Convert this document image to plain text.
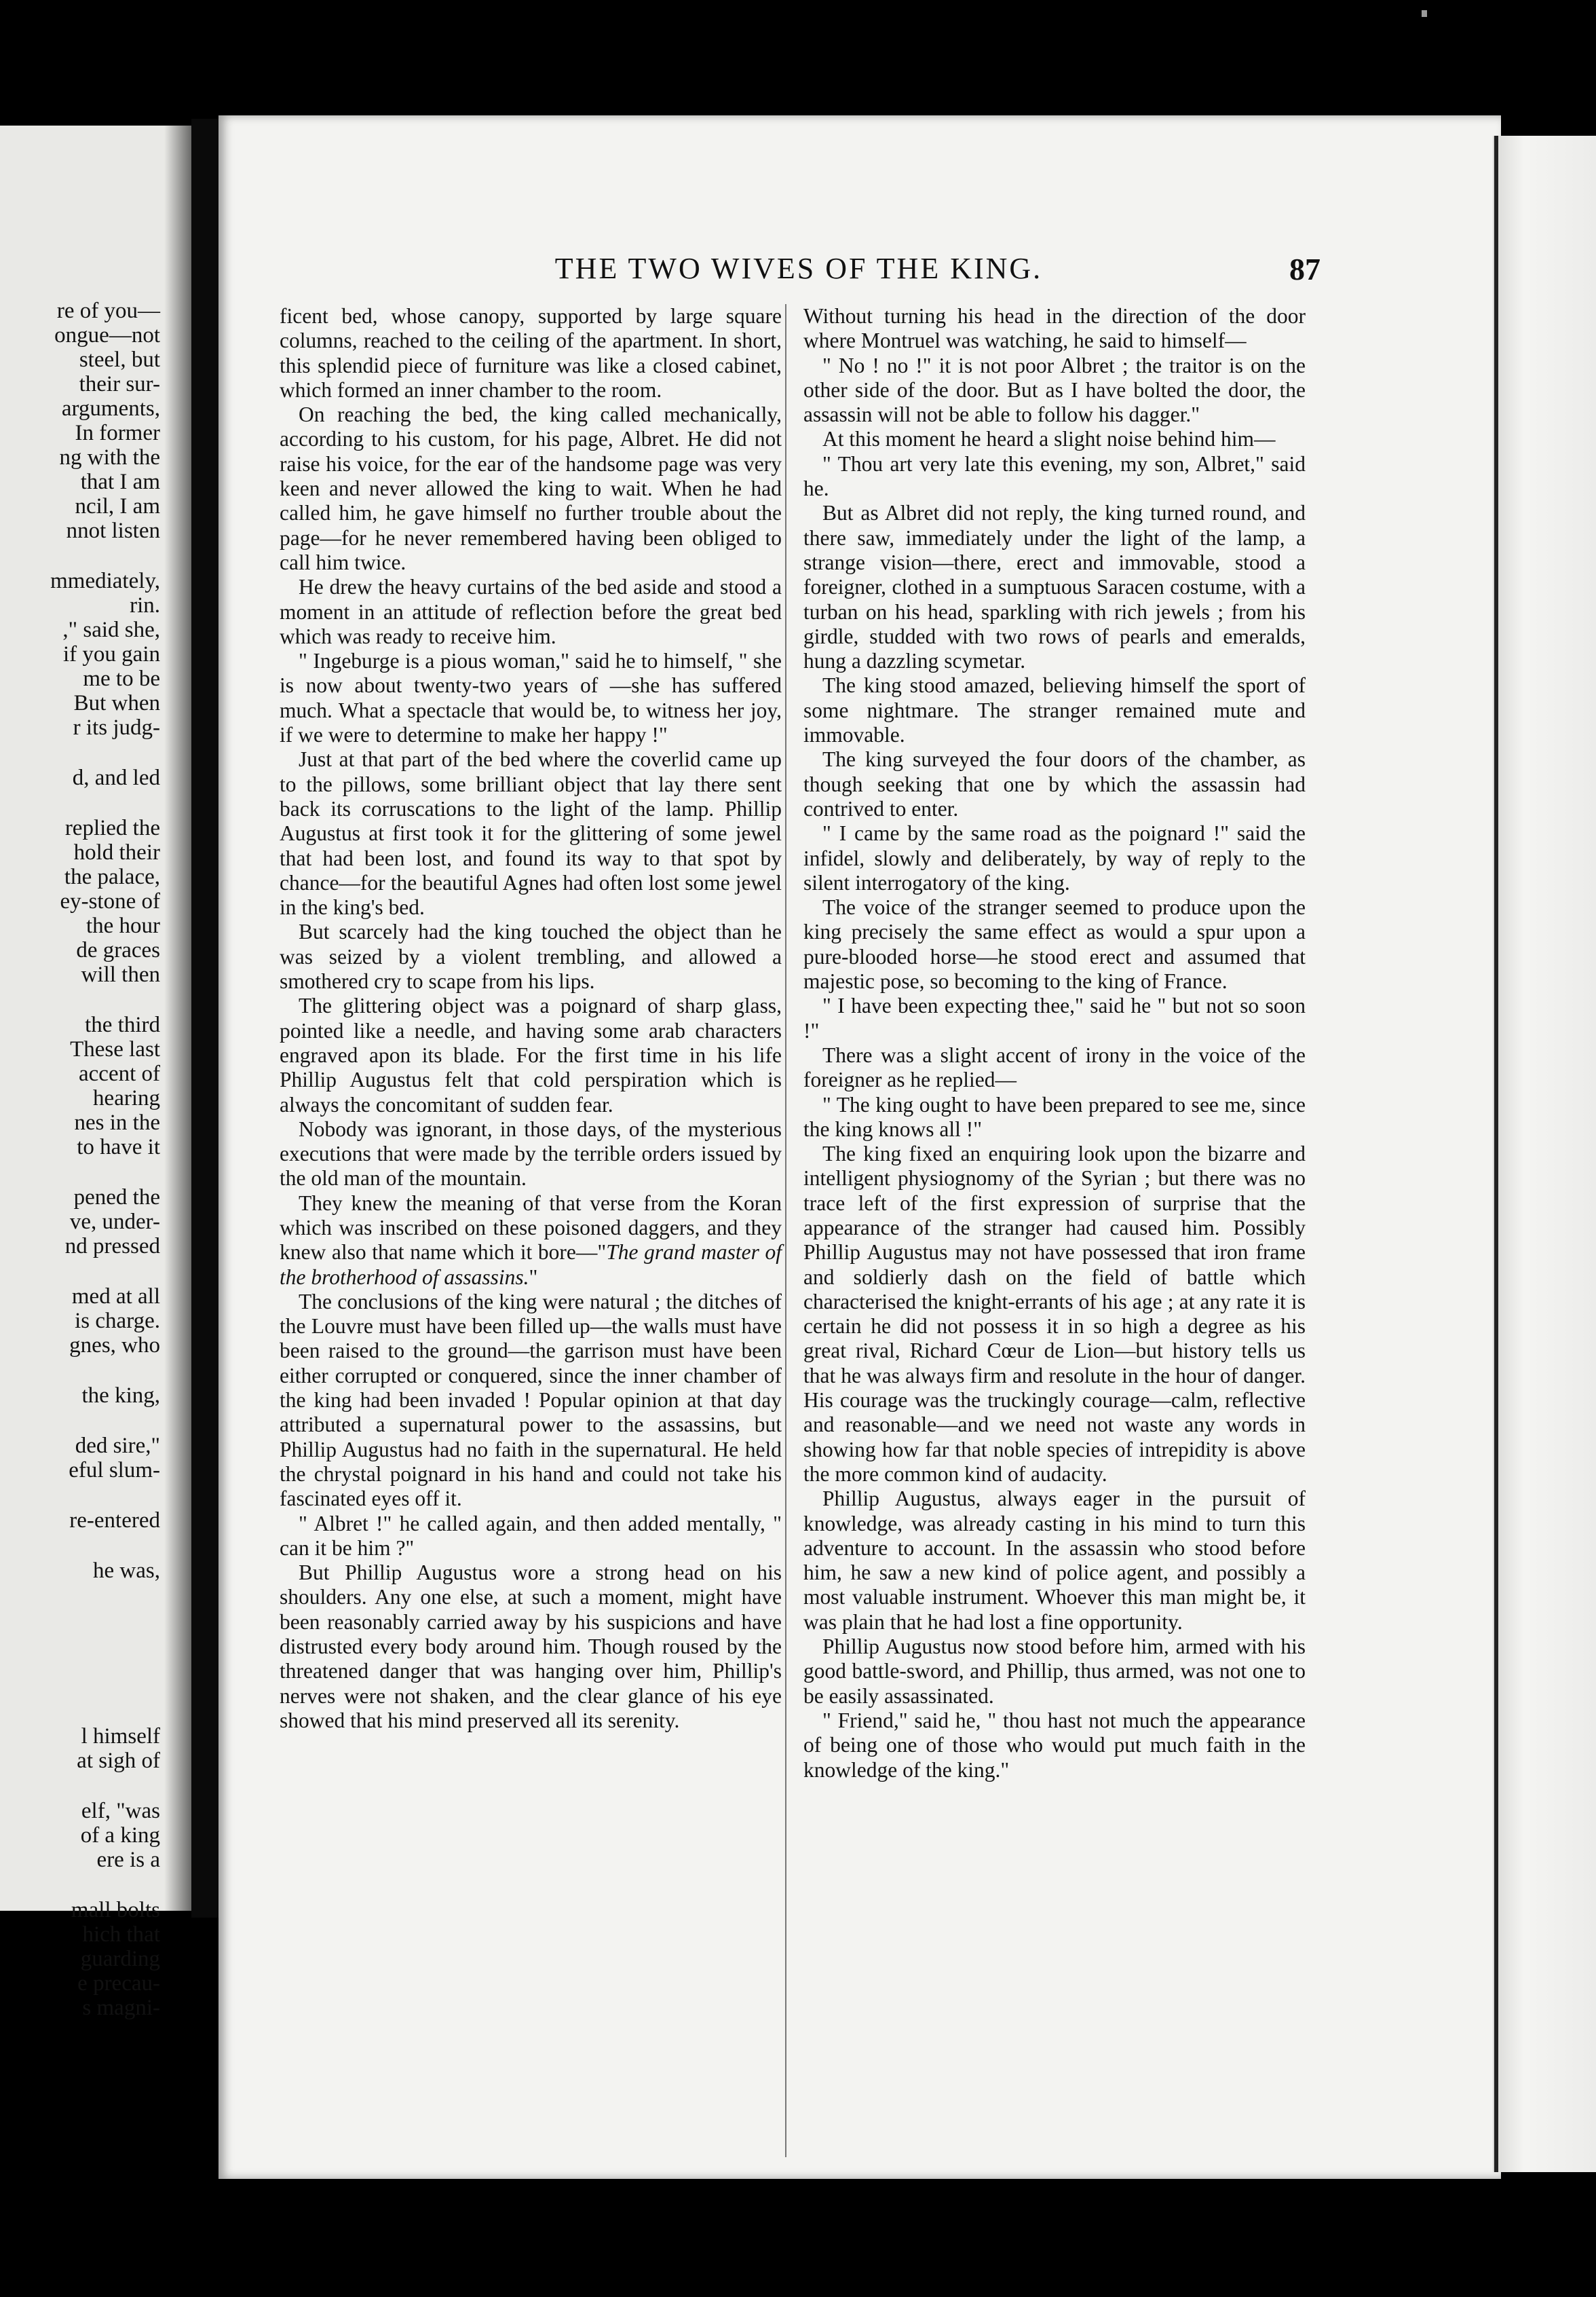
re of you—
ongue—not
steel, but
their sur-
arguments,
In former
ng with the
that I am
ncil, I am
nnot listen
mmediately,
rin.
," said she,
if you gain
me to be
But when
r its judg-
d, and led
replied the
hold their
the palace,
ey-stone of
the hour
de graces
will then
the third
These last
accent of
hearing
nes in the
to have it
pened the
ve, under-
nd pressed
med at all
is charge.
gnes, who
the king,
ded sire,"
eful slum-
re-entered
he was,
l himself
at sigh of
elf, "was
of a king
ere is a
mall bolts
hich that
guarding
e precau-
s magni-
THE TWO WIVES OF THE KING.	87

ficent bed, whose canopy, supported by large square columns, reached to the ceiling of the apartment. In short, this splendid piece of furniture was like a closed cabinet, which formed an inner chamber to the room.

On reaching the bed, the king called mechanically, according to his custom, for his page, Albret. He did not raise his voice, for the ear of the handsome page was very keen and never allowed the king to wait. When he had called him, he gave himself no further trouble about the page—for he never remembered having been obliged to call him twice.

He drew the heavy curtains of the bed aside and stood a moment in an attitude of reflection before the great bed which was ready to receive him.

" Ingeburge is a pious woman," said he to himself, " she is now about twenty-two years of —she has suffered much. What a spectacle that would be, to witness her joy, if we were to determine to make her happy !"

Just at that part of the bed where the coverlid came up to the pillows, some brilliant object that lay there sent back its corruscations to the light of the lamp. Phillip Augustus at first took it for the glittering of some jewel that had been lost, and found its way to that spot by chance—for the beautiful Agnes had often lost some jewel in the king's bed.

But scarcely had the king touched the object than he was seized by a violent trembling, and allowed a smothered cry to scape from his lips.

The glittering object was a poignard of sharp glass, pointed like a needle, and having some arab characters engraved apon its blade. For the first time in his life Phillip Augustus felt that cold perspiration which is always the concomitant of sudden fear.

Nobody was ignorant, in those days, of the mysterious executions that were made by the terrible orders issued by the old man of the mountain.

They knew the meaning of that verse from the Koran which was inscribed on these poisoned daggers, and they knew also that name which it bore—"The grand master of the brotherhood of assassins."

The conclusions of the king were natural ; the ditches of the Louvre must have been filled up—the walls must have been raised to the ground—the garrison must have been either corrupted or conquered, since the inner chamber of the king had been invaded ! Popular opinion at that day attributed a supernatural power to the assassins, but Phillip Augustus had no faith in the supernatural. He held the chrystal poignard in his hand and could not take his fascinated eyes off it.

" Albret !" he called again, and then added mentally, " can it be him ?"

But Phillip Augustus wore a strong head on his shoulders. Any one else, at such a moment, might have been reasonably carried away by his suspicions and have distrusted every body around him. Though roused by the threatened danger that was hanging over him, Phillip's nerves were not shaken, and the clear glance of his eye showed that his mind preserved all its serenity.

Without turning his head in the direction of the door where Montruel was watching, he said to himself—

" No ! no !" it is not poor Albret ; the traitor is on the other side of the door. But as I have bolted the door, the assassin will not be able to follow his dagger."

At this moment he heard a slight noise behind him—

" Thou art very late this evening, my son, Albret," said he.

But as Albret did not reply, the king turned round, and there saw, immediately under the light of the lamp, a strange vision—there, erect and immovable, stood a foreigner, clothed in a sumptuous Saracen costume, with a turban on his head, sparkling with rich jewels ; from his girdle, studded with two rows of pearls and emeralds, hung a dazzling scymetar.

The king stood amazed, believing himself the sport of some nightmare. The stranger remained mute and immovable.

The king surveyed the four doors of the chamber, as though seeking that one by which the assassin had contrived to enter.

" I came by the same road as the poignard !" said the infidel, slowly and deliberately, by way of reply to the silent interrogatory of the king.

The voice of the stranger seemed to produce upon the king precisely the same effect as would a spur upon a pure-blooded horse—he stood erect and assumed that majestic pose, so becoming to the king of France.

" I have been expecting thee," said he " but not so soon !"

There was a slight accent of irony in the voice of the foreigner as he replied—

" The king ought to have been prepared to see me, since the king knows all !"

The king fixed an enquiring look upon the bizarre and intelligent physiognomy of the Syrian ; but there was no trace left of the first expression of surprise that the appearance of the stranger had caused him. Possibly Phillip Augustus may not have possessed that iron frame and soldierly dash on the field of battle which characterised the knight-errants of his age ; at any rate it is certain he did not possess it in so high a degree as his great rival, Richard Cœur de Lion—but history tells us that he was always firm and resolute in the hour of danger. His courage was the truckingly courage—calm, reflective and reasonable—and we need not waste any words in showing how far that noble species of intrepidity is above the more common kind of audacity.

Phillip Augustus, always eager in the pursuit of knowledge, was already casting in his mind to turn this adventure to account. In the assassin who stood before him, he saw a new kind of police agent, and possibly a most valuable instrument. Whoever this man might be, it was plain that he had lost a fine opportunity.

Phillip Augustus now stood before him, armed with his good battle-sword, and Phillip, thus armed, was not one to be easily assassinated.

" Friend," said he, " thou hast not much the appearance of being one of those who would put much faith in the knowledge of the king."
